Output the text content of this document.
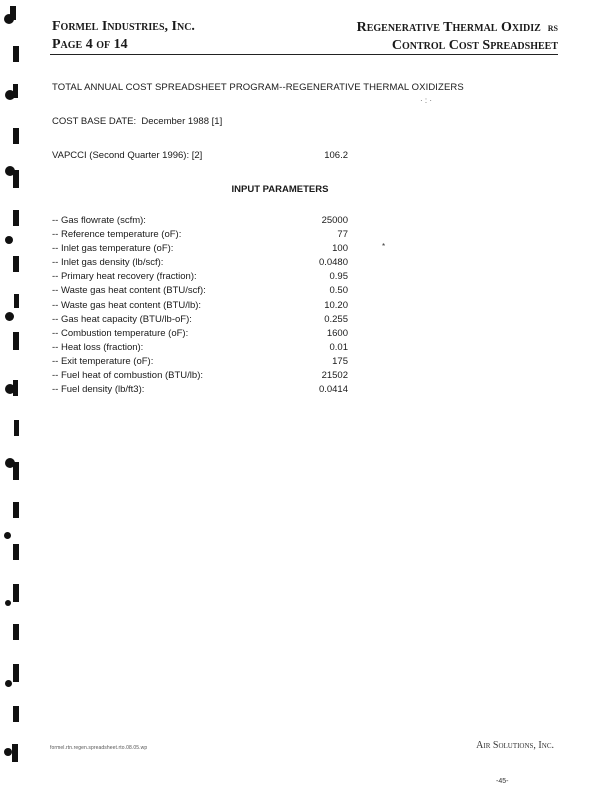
Formel Industries, Inc.
Page 4 of 14
Regenerative Thermal Oxidiz rs
Control Cost Spreadsheet
TOTAL ANNUAL COST SPREADSHEET PROGRAM--REGENERATIVE THERMAL OXIDIZERS
· : ·
COST BASE DATE: December 1988 [1]
VAPCCI (Second Quarter 1996): [2]	106.2
INPUT PARAMETERS
-- Gas flowrate (scfm):	25000
-- Reference temperature (oF):	77
-- Inlet gas temperature (oF):	100
-- Inlet gas density (lb/scf):	0.0480
-- Primary heat recovery (fraction):	0.95
-- Waste gas heat content (BTU/scf):	0.50
-- Waste gas heat content (BTU/lb):	10.20
-- Gas heat capacity (BTU/lb-oF):	0.255
-- Combustion temperature (oF):	1600
-- Heat loss (fraction):	0.01
-- Exit temperature (oF):	175
-- Fuel heat of combustion (BTU/lb):	21502
-- Fuel density (lb/ft3):	0.0414
*
formel.rtn.regen.spreadsheet.rto.08.05.wp	Air Solutions, Inc.
-45-
